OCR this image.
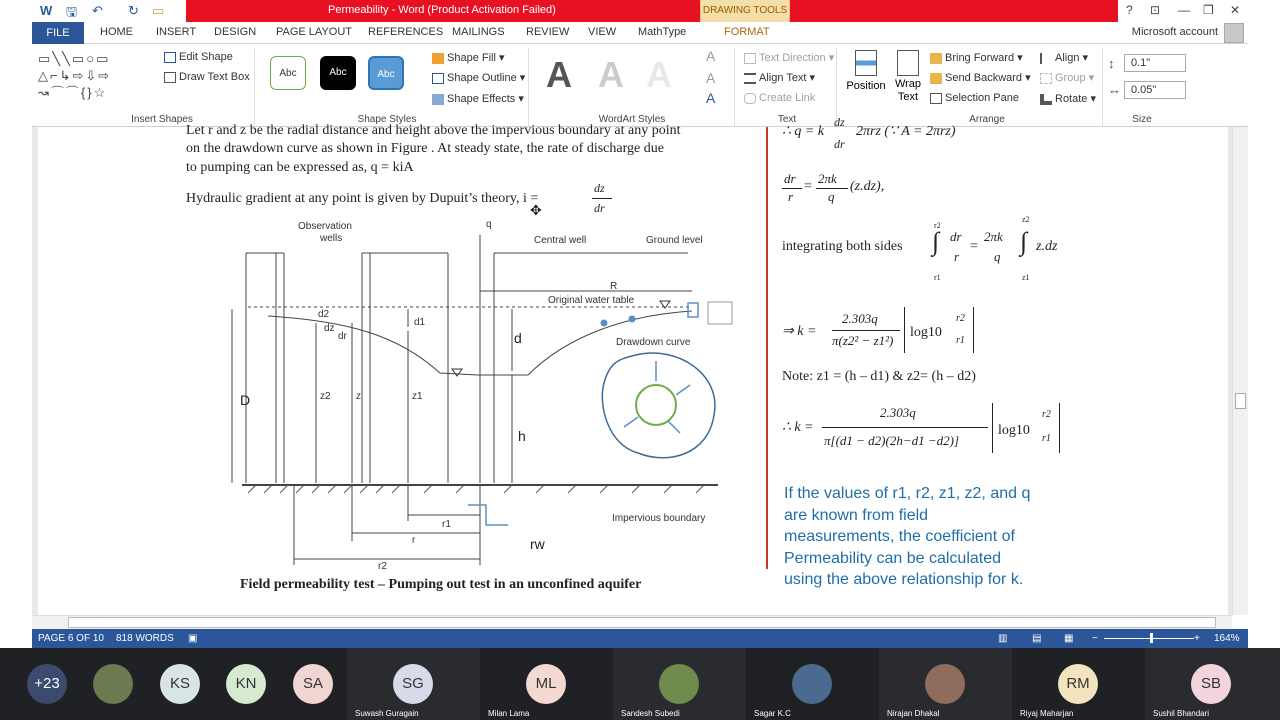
W 🖫 ↶ ↻ ▭	Permeability - Word (Product Activation Failed)	DRAWING TOOLS	? ⊡ — ❐ ✕
FILE	HOME INSERT DESIGN PAGE LAYOUT REFERENCES MAILINGS REVIEW VIEW MathType	FORMAT	Microsoft account
▭╲╲▭○▭
△⌐↳⇨⇩⇨
↝⌒⌒{}☆
Edit Shape
Draw Text Box
Insert Shapes
Abc	Abc	Abc
Shape Fill ▾
Shape Outline ▾
Shape Effects ▾
Shape Styles
A A A A
A
A
WordArt Styles
Text Direction ▾
Align Text ▾
Create Link
Text
Position Wrap
Text
Bring Forward ▾
Send Backward ▾
Selection Pane
Align ▾
Group ▾
Rotate ▾
Arrange
↕	0.1"
↔ 0.05"
Size
Let r and z be the radial distance and height above the impervious boundary at any point
on the drawdown curve as shown in Figure . At steady state, the rate of discharge due
to pumping can be expressed as, q = kiA
Hydraulic gradient at any point is given by Dupuit’s theory, i =
dz
dr
Observation
wells	Central well	Ground level
Original water table
Drawdown curve
Impervious boundary
R
q
d2
dz
dr
d1
z2	z	z1
r1
r
r2
D
d
h
rw
Field permeability test – Pumping out test in an unconfined aquifer
∴ q = k
dz
dr
2πrz (∵ A = 2πrz)
dr
r
=
2πk
q
(z.dz),
integrating both sides
r2
∫
r1
dr
r
=
2πk
q
z2
∫
z1
z.dz
⇒ k =
2.303q
π(z2² − z1²)
log10
r2
r1
Note: z1 = (h – d1) & z2= (h – d2)
∴ k =
2.303q
π[(d1 − d2)(2h−d1 −d2)]
log10
r2
r1
If the values of r1, r2, z1, z2, and q
are known from field
measurements, the coefficient of
Permeability can be calculated
using the above relationship for k.
✥
PAGE 6 OF 10 818 WORDS ▣	▥ ▤ ▦ −	+ 164%
+23	KS	KN	SA	SG
Suwash Guragain
ML
Milan Lama	Sandesh Subedi	Sagar K.C	Nirajan Dhakal
RM
Riyaj Maharjan
SB
Sushil Bhandari
